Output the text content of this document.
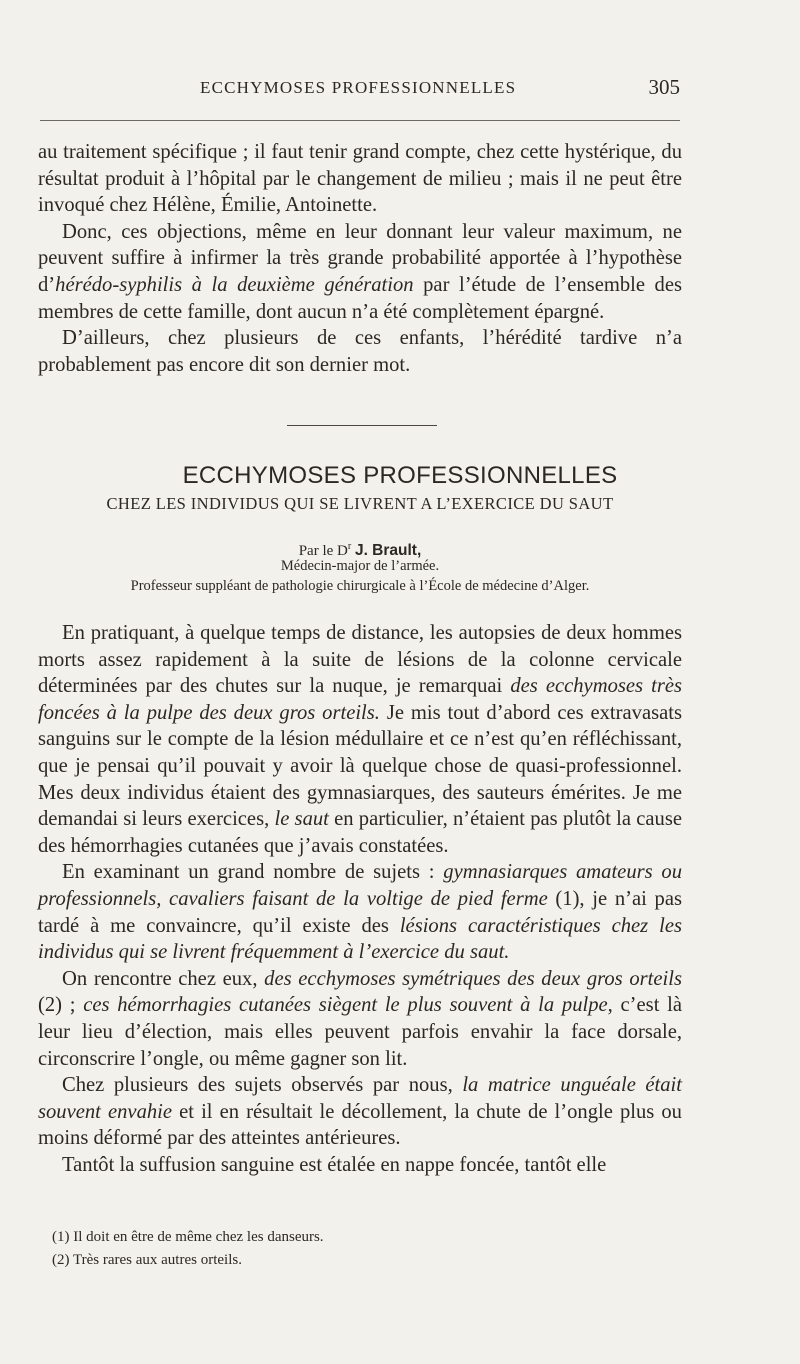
ECCHYMOSES PROFESSIONNELLES	305

au traitement spécifique ; il faut tenir grand compte, chez cette hystérique, du résultat produit à l’hôpital par le changement de milieu ; mais il ne peut être invoqué chez Hélène, Émilie, Antoinette.

Donc, ces objections, même en leur donnant leur valeur maximum, ne peuvent suffire à infirmer la très grande probabilité apportée à l’hypothèse d’hérédo-syphilis à la deuxième génération par l’étude de l’ensemble des membres de cette famille, dont aucun n’a été complètement épargné.

D’ailleurs, chez plusieurs de ces enfants, l’hérédité tardive n’a probablement pas encore dit son dernier mot.

ECCHYMOSES PROFESSIONNELLES
CHEZ LES INDIVIDUS QUI SE LIVRENT A L’EXERCICE DU SAUT
Par le $D^r$ J. Brault,
Médecin-major de l’armée.
Professeur suppléant de pathologie chirurgicale à l’École de médecine d’Alger.

En pratiquant, à quelque temps de distance, les autopsies de deux hommes morts assez rapidement à la suite de lésions de la colonne cervicale déterminées par des chutes sur la nuque, je remarquai des ecchymoses très foncées à la pulpe des deux gros orteils. Je mis tout d’abord ces extravasats sanguins sur le compte de la lésion médullaire et ce n’est qu’en réfléchissant, que je pensai qu’il pouvait y avoir là quelque chose de quasi-professionnel. Mes deux individus étaient des gymnasiarques, des sauteurs émérites. Je me demandai si leurs exercices, le saut en particulier, n’étaient pas plutôt la cause des hémorrhagies cutanées que j’avais constatées.

En examinant un grand nombre de sujets : gymnasiarques amateurs ou professionnels, cavaliers faisant de la voltige de pied ferme (1), je n’ai pas tardé à me convaincre, qu’il existe des lésions caractéristiques chez les individus qui se livrent fréquemment à l’exercice du saut.

On rencontre chez eux, des ecchymoses symétriques des deux gros orteils (2) ; ces hémorrhagies cutanées siègent le plus souvent à la pulpe, c’est là leur lieu d’élection, mais elles peuvent parfois envahir la face dorsale, circonscrire l’ongle, ou même gagner son lit.

Chez plusieurs des sujets observés par nous, la matrice unguéale était souvent envahie et il en résultait le décollement, la chute de l’ongle plus ou moins déformé par des atteintes antérieures.

Tantôt la suffusion sanguine est étalée en nappe foncée, tantôt elle

(1) Il doit en être de même chez les danseurs.
(2) Très rares aux autres orteils.
